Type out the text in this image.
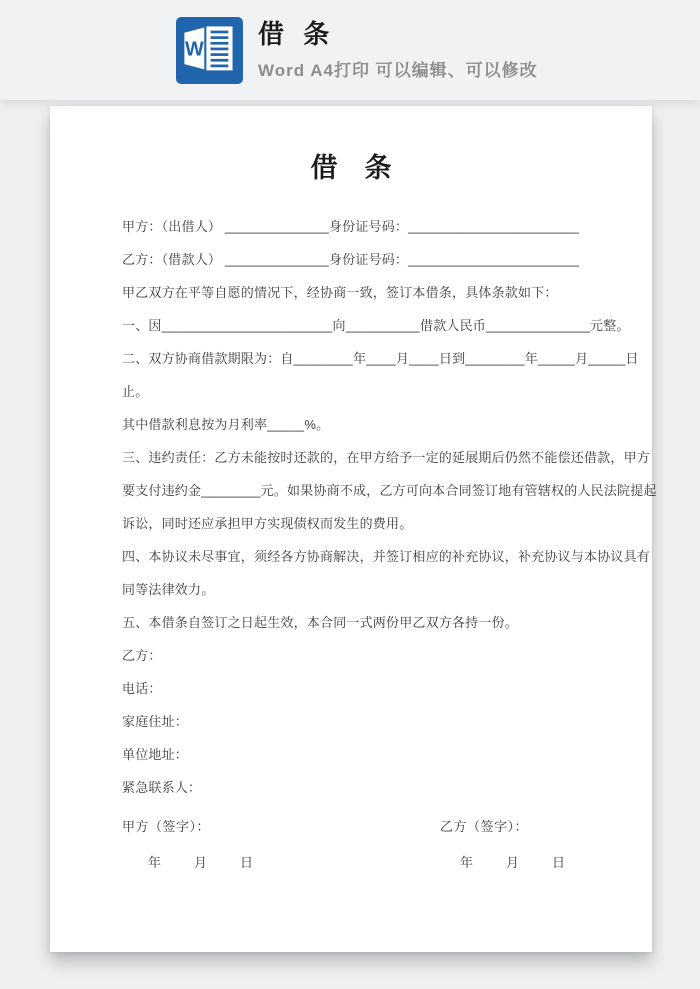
W
借 条
Word A4打印 可以编辑、可以修改
借　条

甲方：（出借人） ______________身份证号码：_______________________

乙方：（借款人） ______________身份证号码：_______________________

甲乙双方在平等自愿的情况下，经协商一致，签订本借条，具体条款如下：

一、因_______________________向__________借款人民币______________元整。

二、双方协商借款期限为：自________年____月____日到________年_____月_____日

止。

其中借款利息按为月利率_____%。

三、违约责任：乙方未能按时还款的，在甲方给予一定的延展期后仍然不能偿还借款，甲方

要支付违约金________元。如果协商不成，乙方可向本合同签订地有管辖权的人民法院提起

诉讼，同时还应承担甲方实现债权而发生的费用。

四、本协议未尽事宜，须经各方协商解决，并签订相应的补充协议，补充协议与本协议具有

同等法律效力。

五、本借条自签订之日起生效，本合同一式两份甲乙双方各持一份。

乙方：

电话：

家庭住址：

单位地址：

紧急联系人：

甲方（签字）：
年	月	日
乙方（签字）：
年	月	日
